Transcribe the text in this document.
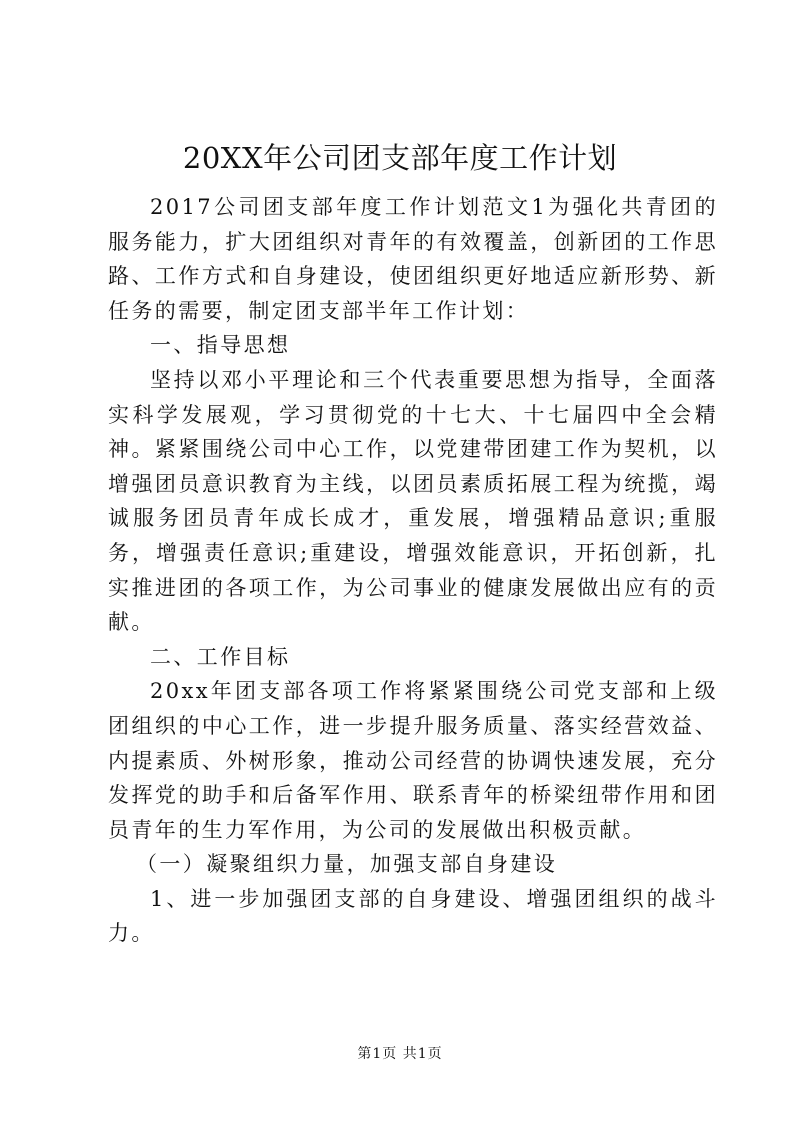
20XX年公司团支部年度工作计划

2017公司团支部年度工作计划范文1为强化共青团的服务能力，扩大团组织对青年的有效覆盖，创新团的工作思路、工作方式和自身建设，使团组织更好地适应新形势、新任务的需要，制定团支部半年工作计划：

一、指导思想

坚持以邓小平理论和三个代表重要思想为指导，全面落实科学发展观，学习贯彻党的十七大、十七届四中全会精神。紧紧围绕公司中心工作，以党建带团建工作为契机，以增强团员意识教育为主线，以团员素质拓展工程为统揽，竭诚服务团员青年成长成才，重发展，增强精品意识;重服务，增强责任意识;重建设，增强效能意识，开拓创新，扎实推进团的各项工作，为公司事业的健康发展做出应有的贡献。

二、工作目标

20xx年团支部各项工作将紧紧围绕公司党支部和上级团组织的中心工作，进一步提升服务质量、落实经营效益、内提素质、外树形象，推动公司经营的协调快速发展，充分发挥党的助手和后备军作用、联系青年的桥梁纽带作用和团员青年的生力军作用，为公司的发展做出积极贡献。

（一）凝聚组织力量，加强支部自身建设

1、进一步加强团支部的自身建设、增强团组织的战斗力。

第1页 共1页
